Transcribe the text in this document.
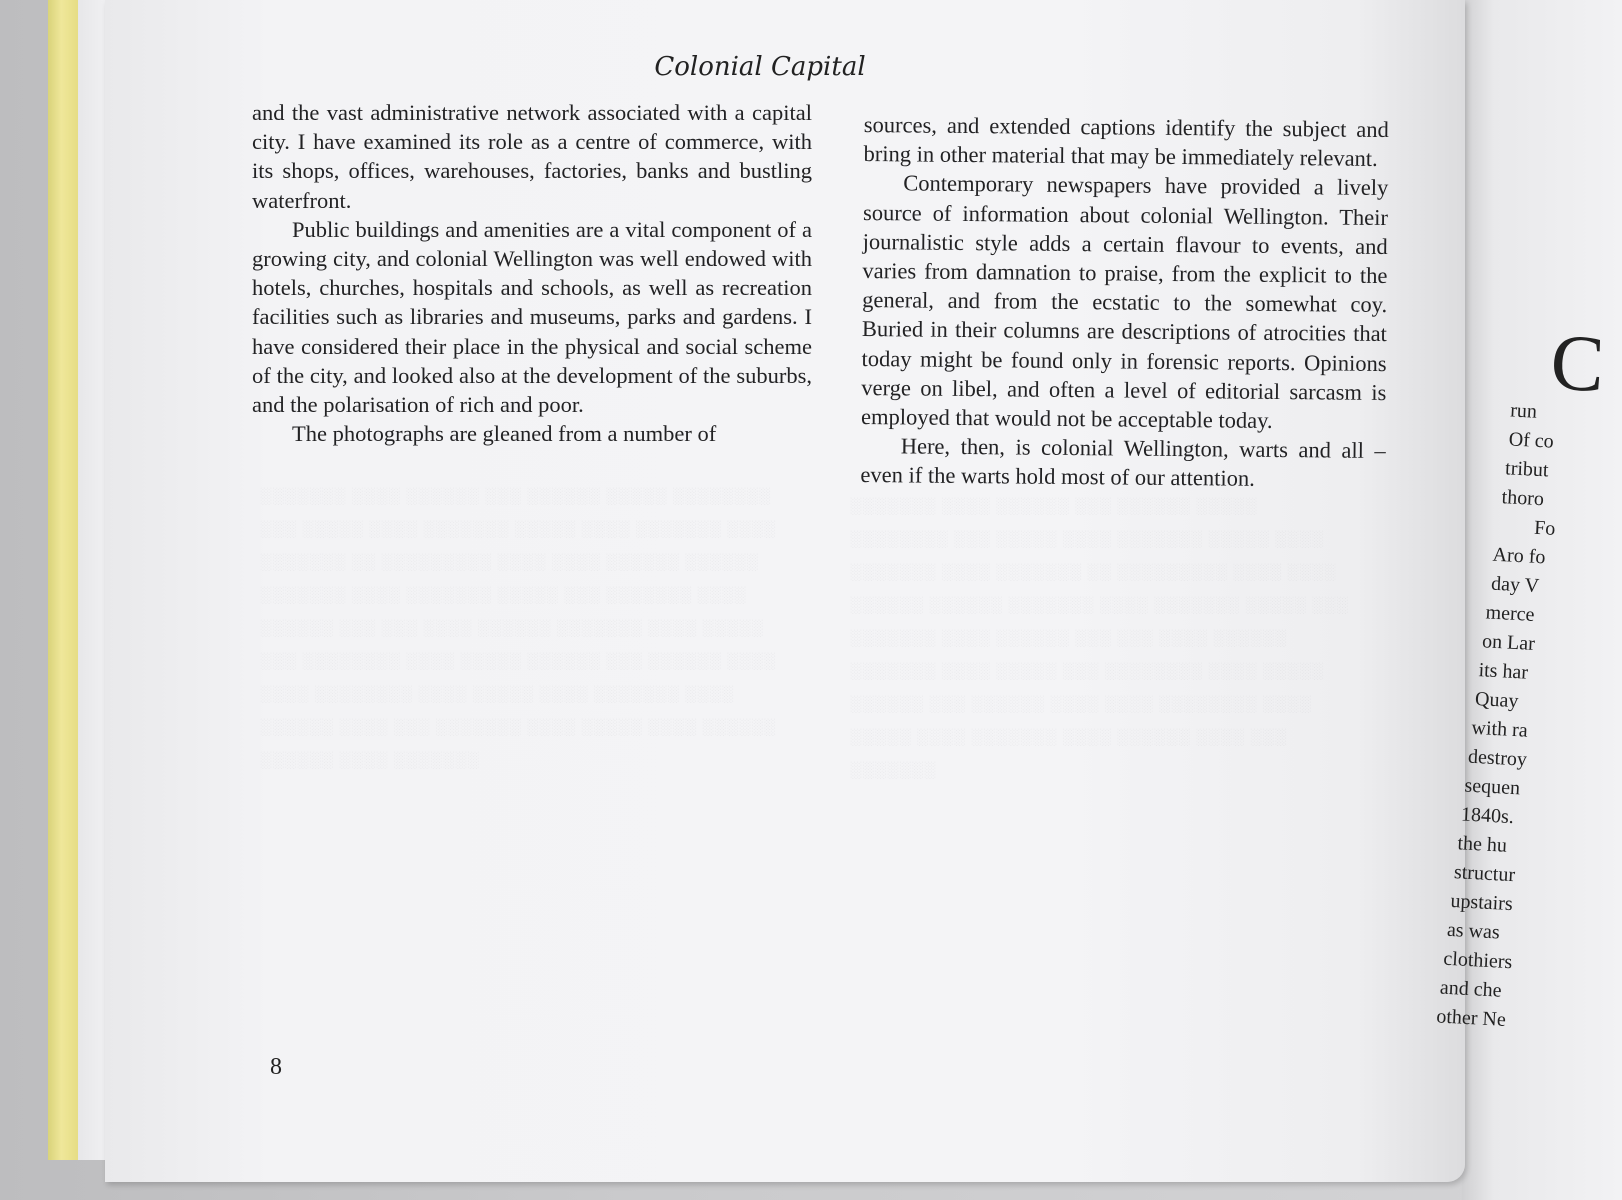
░░░░░░░ ░░░░ ░░░░░░ ░░░ ░░░░░░ ░░░░░ ░░░░░░░░ ░░░ ░░░░░ ░░░░ ░░░░░░░ ░░░░░ ░░░░ ░░░░░░░ ░░░░ ░░░░░░░ ░░ ░░░░░░░░░ ░░░░ ░░░░ ░░░░░░ ░░░░░░ ░░░░░░░ ░░░░ ░░░░░░░ ░░░░░ ░░░ ░░░░░░░ ░░░░ ░░░░░░ ░░░ ░░░ ░░░░ ░░░░░░ ░░░░░░░ ░░░░ ░░░░░ ░░░ ░░░░░░░░ ░░░░ ░░░░░ ░░░░░░ ░░░ ░░░░░░ ░░░░ ░░░░ ░░░░░░░░ ░░░░ ░░░░░ ░░░░ ░░░░░░░ ░░░░ ░░░░░░ ░░░░ ░░░ ░░░░░░░ ░░░░ ░░░░░ ░░░░ ░░░░░░ ░░░░░░ ░░░░ ░░░░░░░
░░░░░░░ ░░░░ ░░░░░░ ░░░ ░░░░░░ ░░░░░ ░░░░░░░░ ░░░ ░░░░░ ░░░░ ░░░░░░░ ░░░░░ ░░░░ ░░░░░░░ ░░░░ ░░░░░░░ ░░ ░░░░░░░░░ ░░░░ ░░░░ ░░░░░░ ░░░░░░ ░░░░░░░ ░░░░ ░░░░░░░ ░░░░░ ░░░ ░░░░░░░ ░░░░ ░░░░░░ ░░░ ░░░ ░░░░ ░░░░░░ ░░░░░░░ ░░░░ ░░░░░ ░░░ ░░░░░░░░ ░░░░ ░░░░░ ░░░░░░ ░░░ ░░░░░░ ░░░░ ░░░░ ░░░░░░░░ ░░░░ ░░░░░ ░░░░ ░░░░░░░ ░░░░ ░░░░░░ ░░░░ ░░░ ░░░░░░░
Colonial Capital

and the vast administrative network associated with a capital city. I have examined its role as a centre of commerce, with its shops, offices, warehouses, factories, banks and bustling waterfront.

Public buildings and amenities are a vital component of a growing city, and colonial Wellington was well endowed with hotels, churches, hospitals and schools, as well as recreation facilities such as libraries and museums, parks and gardens. I have considered their place in the physical and social scheme of the city, and looked also at the development of the suburbs, and the polarisation of rich and poor.

The photographs are gleaned from a number of

sources, and extended captions identify the subject and bring in other material that may be immediately relevant.

Contemporary newspapers have provided a lively source of information about colonial Wellington. Their journalistic style adds a certain flavour to events, and varies from damnation to praise, from the explicit to the general, and from the ecstatic to the somewhat coy. Buried in their columns are descriptions of atrocities that today might be found only in forensic reports. Opinions verge on libel, and often a level of editorial sarcasm is employed that would not be acceptable today.

Here, then, is colonial Wellington, warts and all – even if the warts hold most of our attention.

8
C
run
Of co
tribut
thoro
Fo
Aro fo
day V
merce
on Lar
its har
Quay
with ra
destroy
sequen
1840s.
the hu
structur
upstairs
as was
clothiers
and che
other Ne
